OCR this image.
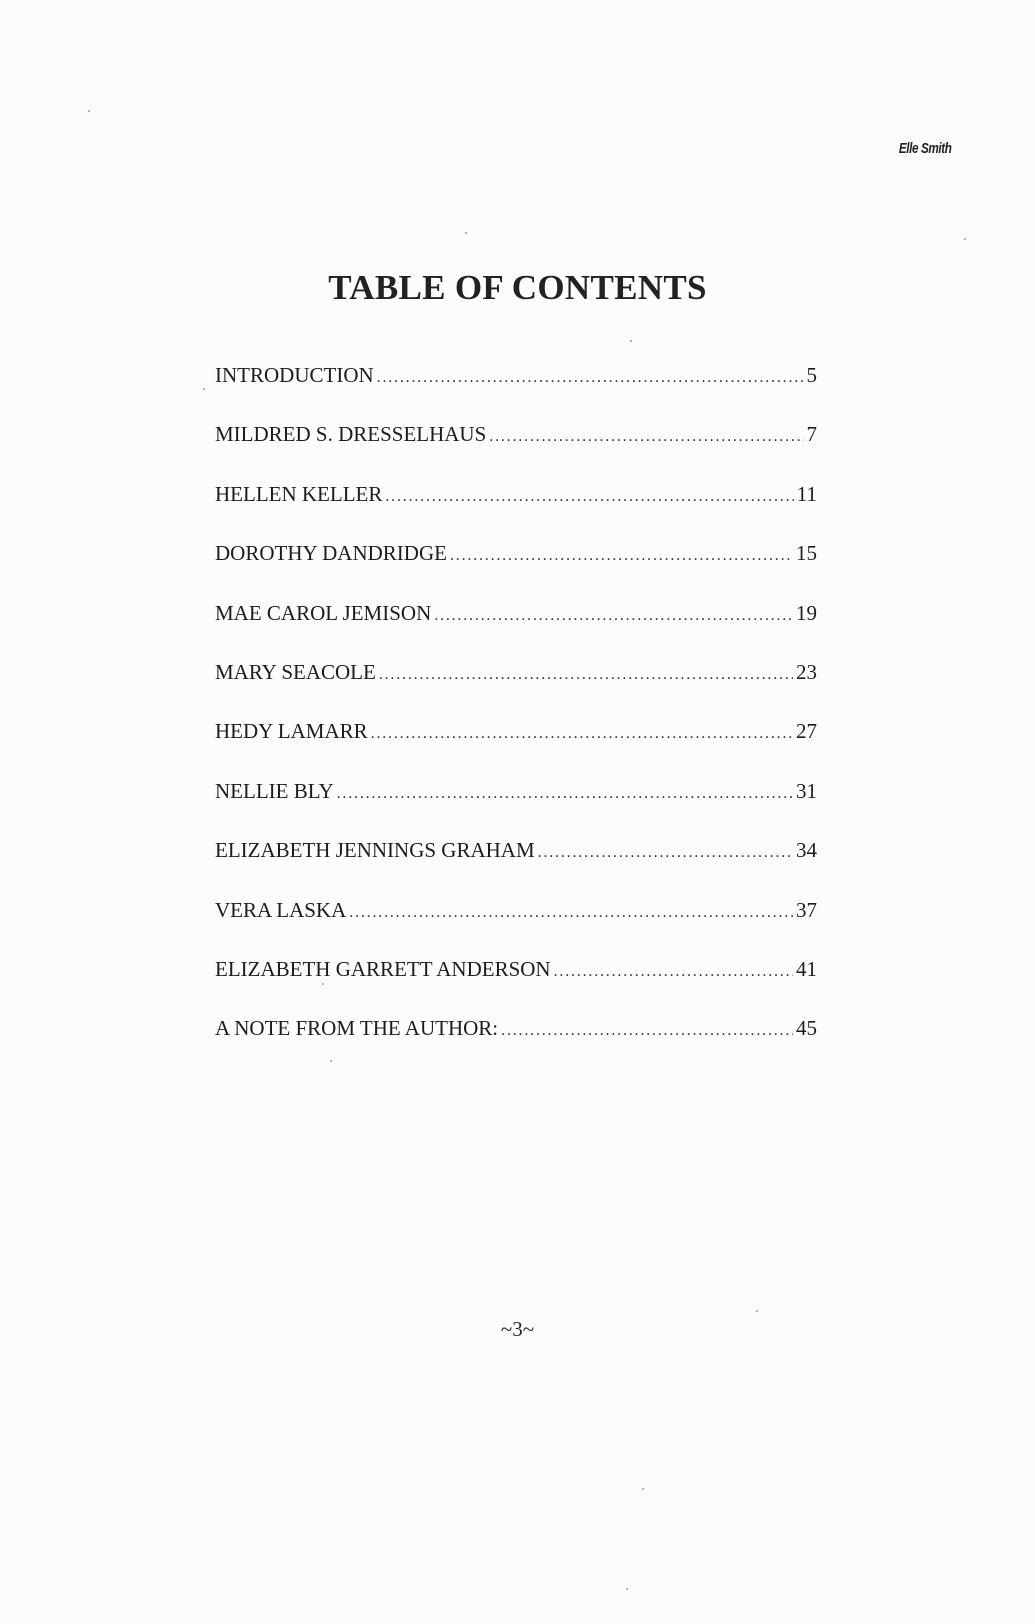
Elle Smith
TABLE OF CONTENTS
INTRODUCTION .....	5
MILDRED S. DRESSELHAUS .....	7
HELLEN KELLER .....	11
DOROTHY DANDRIDGE .....	15
MAE CAROL JEMISON .....	19
MARY SEACOLE .....	23
HEDY LAMARR .....	27
NELLIE BLY .....	31
ELIZABETH JENNINGS GRAHAM .....	34
VERA LASKA .....	37
ELIZABETH GARRETT ANDERSON .....	41
A NOTE FROM THE AUTHOR: .....	45
~3~
